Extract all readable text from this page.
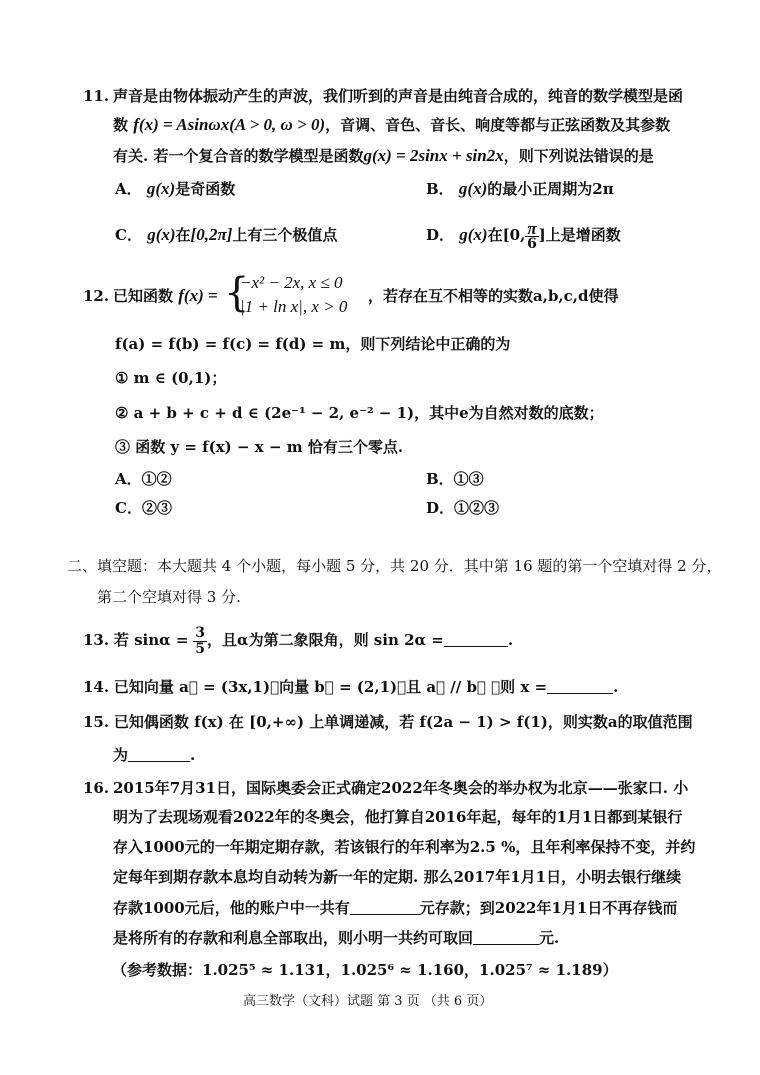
11. 声音是由物体振动产生的声波，我们听到的声音是由纯音合成的，纯音的数学模型是函
数 f(x) = Asinωx(A > 0, ω > 0)，音调、音色、音长、响度等都与正弦函数及其参数
有关. 若一个复合音的数学模型是函数g(x) = 2sinx + sin2x，则下列说法错误的是
A． g(x)是奇函数	B． g(x)的最小正周期为2π
C． g(x)在[0,2π]上有三个极值点	D． g(x)在[0, $\frac{\pi}{6}$ ]上是增函数
12. 已知函数 f(x) = {
−x² − 2x, x ≤ 0
|1 + ln x|, x > 0
，若存在互不相等的实数a,b,c,d使得
f(a) = f(b) = f(c) = f(d) = m，则下列结论中正确的为
① m ∈ (0,1)；
② a + b + c + d ∈ (2e⁻¹ − 2, e⁻² − 1)，其中e为自然对数的底数；
③ 函数 y = f(x) − x − m 恰有三个零点.
A．①②	B．①③
C．②③	D．①②③
二、填空题：本大题共 4 个小题，每小题 5 分，共 20 分．其中第 16 题的第一个空填对得 2 分，
第二个空填对得 3 分.
13. 若 $\sin\alpha = \frac{3}{5}$ ，且α为第二象限角，则 sin 2α =	.
14. 已知向量 a⃗ = (3x,1)，向量 b⃗ = (2,1)，且 a⃗ // b⃗ ，则 x =	.
15. 已知偶函数 f(x) 在 [0,+∞) 上单调递减，若 f(2a − 1) > f(1)，则实数a的取值范围
为	.
16. 2015年7月31日，国际奥委会正式确定2022年冬奥会的举办权为北京——张家口. 小
明为了去现场观看2022年的冬奥会，他打算自2016年起，每年的1月1日都到某银行
存入1000元的一年期定期存款，若该银行的年利率为2.5 %，且年利率保持不变，并约
定每年到期存款本息均自动转为新一年的定期. 那么2017年1月1日，小明去银行继续
存款1000元后，他的账户中一共有	元存款；到2022年1月1日不再存钱而
是将所有的存款和利息全部取出，则小明一共约可取回	元.
（参考数据：1.025⁵ ≈ 1.131，1.025⁶ ≈ 1.160，1.025⁷ ≈ 1.189）
高三数学（文科）试题 第 3 页 （共 6 页）
